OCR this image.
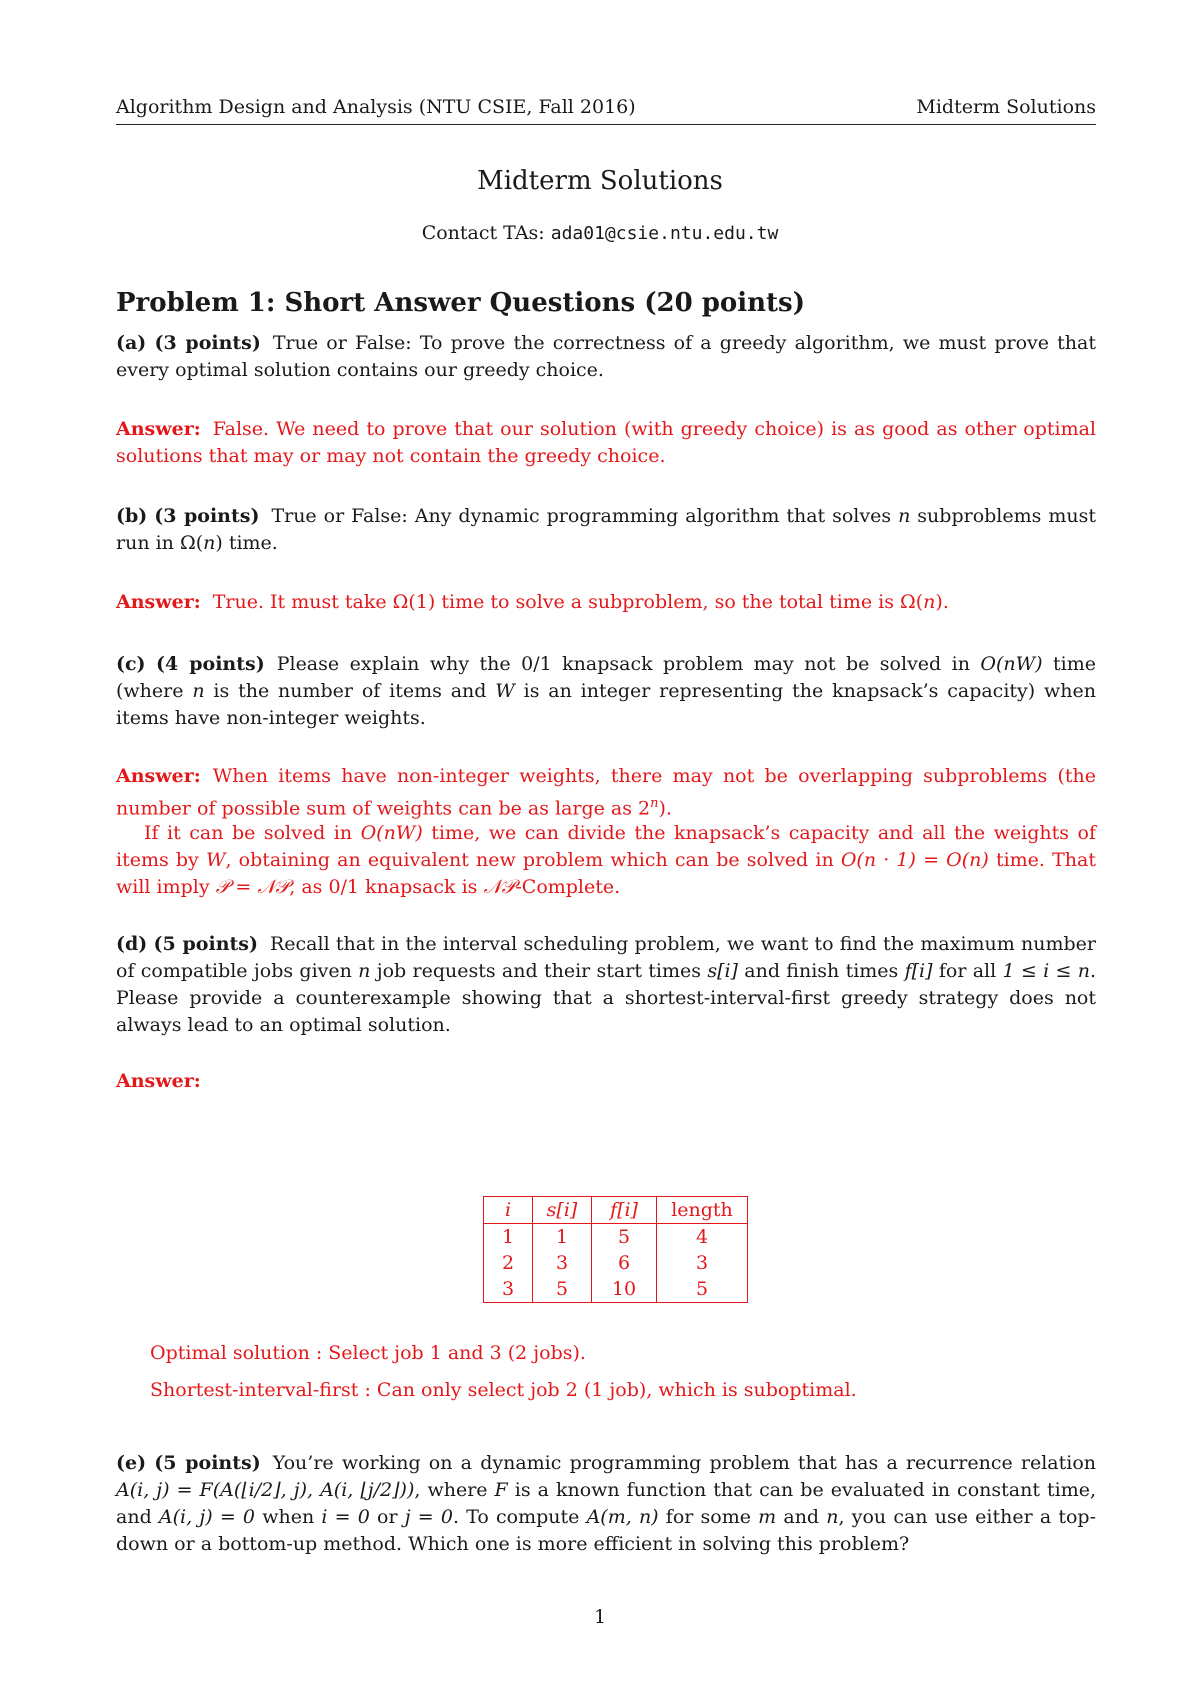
Algorithm Design and Analysis (NTU CSIE, Fall 2016)	Midterm Solutions
Midterm Solutions
Contact TAs: ada01@csie.ntu.edu.tw
Problem 1: Short Answer Questions (20 points)
(a) (3 points) True or False: To prove the correctness of a greedy algorithm, we must prove that every optimal solution contains our greedy choice.
Answer: False. We need to prove that our solution (with greedy choice) is as good as other optimal solutions that may or may not contain the greedy choice.
(b) (3 points) True or False: Any dynamic programming algorithm that solves n subproblems must run in Ω(n) time.
Answer: True. It must take Ω(1) time to solve a subproblem, so the total time is Ω(n).
(c) (4 points) Please explain why the 0/1 knapsack problem may not be solved in O(nW) time (where n is the number of items and W is an integer representing the knapsack’s capacity) when items have non-integer weights.
Answer: When items have non-integer weights, there may not be overlapping subproblems (the number of possible sum of weights can be as large as 2$^n$).
If it can be solved in O(nW) time, we can divide the knapsack’s capacity and all the weights of items by W, obtaining an equivalent new problem which can be solved in O(n · 1) = O(n) time. That will imply 𝒫 = 𝒩𝒫, as 0/1 knapsack is 𝒩𝒫-Complete.
(d) (5 points) Recall that in the interval scheduling problem, we want to find the maximum number of compatible jobs given n job requests and their start times s[i] and finish times f[i] for all 1 ≤ i ≤ n. Please provide a counterexample showing that a shortest-interval-first greedy strategy does not always lead to an optimal solution.
Answer:
i	s[i]	f[i]	length
1	1	5	4
2	3	6	3
3	5	10	5
Optimal solution : Select job 1 and 3 (2 jobs).
Shortest-interval-first : Can only select job 2 (1 job), which is suboptimal.
(e) (5 points) You’re working on a dynamic programming problem that has a recurrence relation A(i, j) = F(A(⌊i/2⌋, j), A(i, ⌊j/2⌋)), where F is a known function that can be evaluated in constant time, and A(i, j) = 0 when i = 0 or j = 0. To compute A(m, n) for some m and n, you can use either a top-down or a bottom-up method. Which one is more efficient in solving this problem?
1
